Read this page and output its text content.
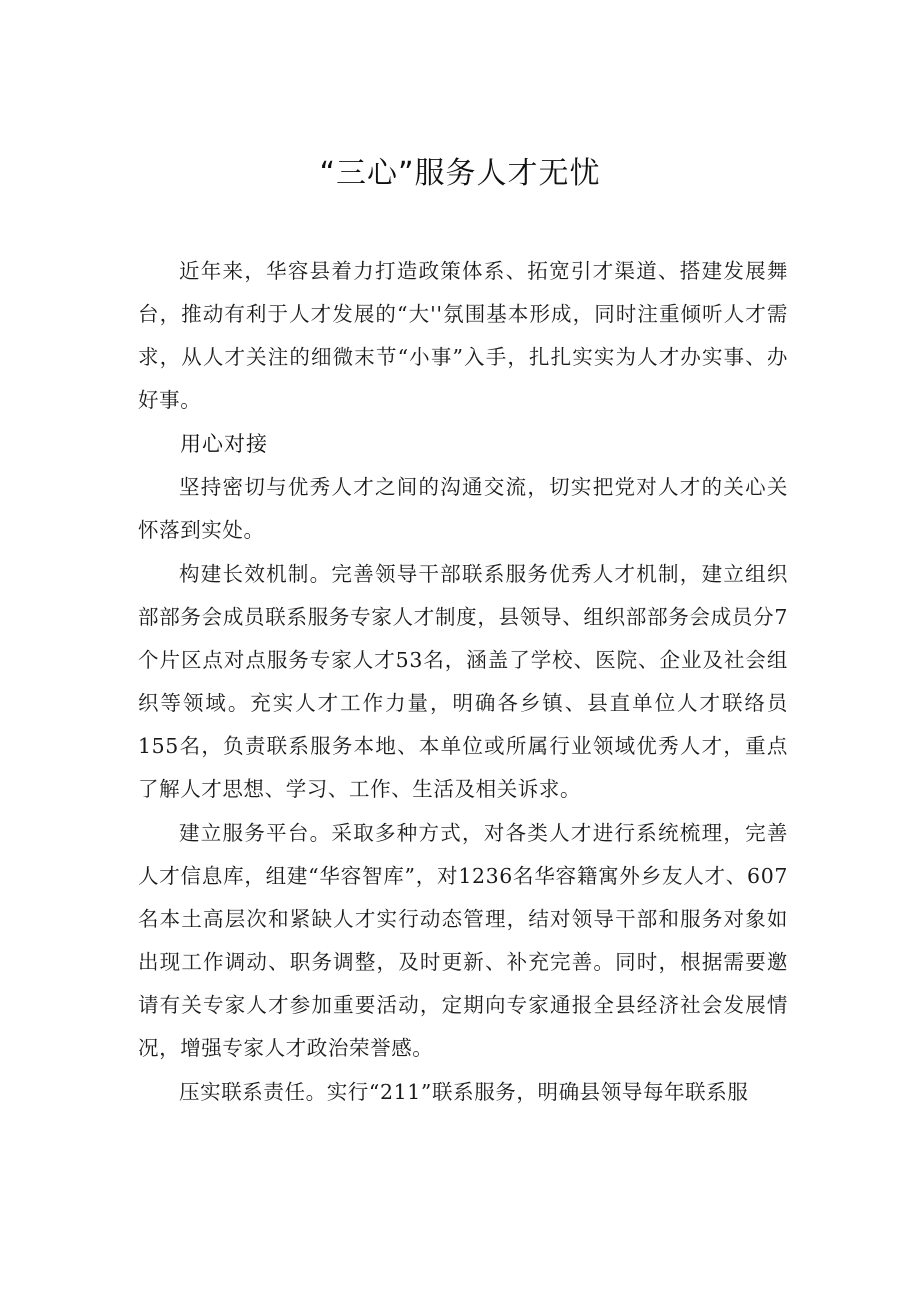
“三心”服务人才无忧

近年来，华容县着力打造政策体系、拓宽引才渠道、搭建发展舞台，推动有利于人才发展的“大''氛围基本形成，同时注重倾听人才需求，从人才关注的细微末节“小事”入手，扎扎实实为人才办实事、办好事。

用心对接

坚持密切与优秀人才之间的沟通交流，切实把党对人才的关心关怀落到实处。

构建长效机制。完善领导干部联系服务优秀人才机制，建立组织部部务会成员联系服务专家人才制度，县领导、组织部部务会成员分7个片区点对点服务专家人才53名，涵盖了学校、医院、企业及社会组织等领域。充实人才工作力量，明确各乡镇、县直单位人才联络员155名，负责联系服务本地、本单位或所属行业领域优秀人才，重点了解人才思想、学习、工作、生活及相关诉求。

建立服务平台。采取多种方式，对各类人才进行系统梳理，完善人才信息库，组建“华容智库”，对1236名华容籍寓外乡友人才、607名本土高层次和紧缺人才实行动态管理，结对领导干部和服务对象如出现工作调动、职务调整，及时更新、补充完善。同时，根据需要邀请有关专家人才参加重要活动，定期向专家通报全县经济社会发展情况，增强专家人才政治荣誉感。

压实联系责任。实行“211”联系服务，明确县领导每年联系服
